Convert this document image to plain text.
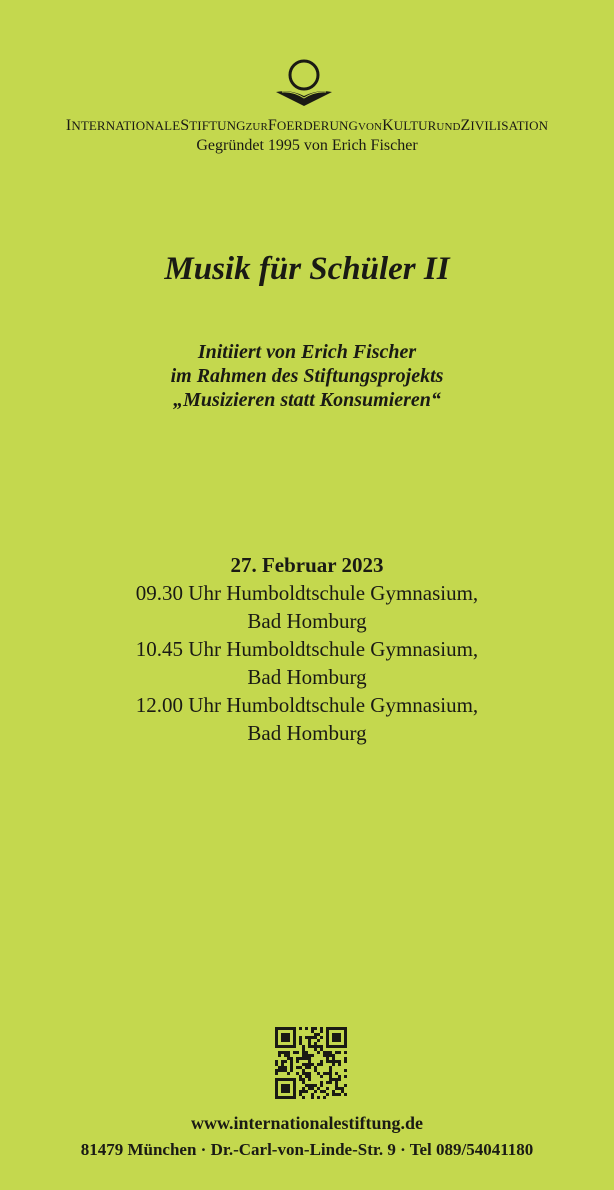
INTERNATIONALESTIFTUNGZURFOERDERUNGVONKULTURUNDZIVILISATION
Gegründet 1995 von Erich Fischer
Musik für Schüler II
Initiiert von Erich Fischer
im Rahmen des Stiftungsprojekts
„Musizieren statt Konsumieren“
27. Februar 2023
09.30 Uhr Humboldtschule Gymnasium,
Bad Homburg
10.45 Uhr Humboldtschule Gymnasium,
Bad Homburg
12.00 Uhr Humboldtschule Gymnasium,
Bad Homburg
www.internationalestiftung.de
81479 München · Dr.-Carl-von-Linde-Str. 9 · Tel 089/54041180
